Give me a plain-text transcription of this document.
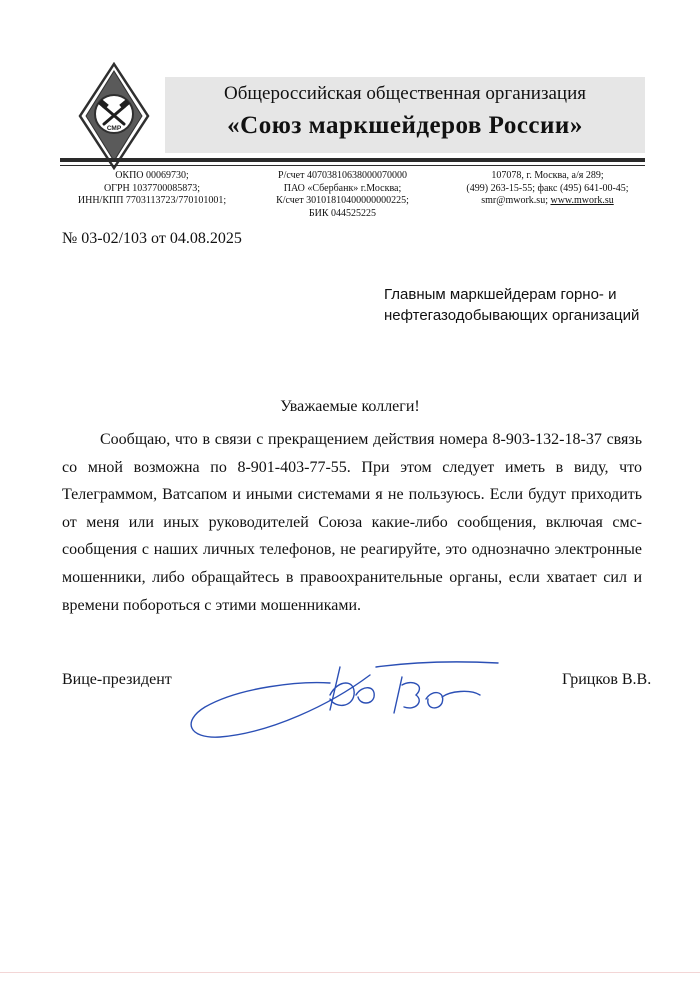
СМР
Общероссийская общественная организация
«Союз маркшейдеров России»
ОКПО 00069730;
ОГРН 1037700085873;
ИНН/КПП 7703113723/770101001;
Р/счет 40703810638000070000
ПАО «Сбербанк» г.Москва;
К/счет 30101810400000000225;
БИК 044525225
107078, г. Москва, а/я 289;
(499) 263-15-55; факс (495) 641-00-45;
smr@mwork.su; www.mwork.su
№ 03-02/103 от 04.08.2025
Главным маркшейдерам горно- и
нефтегазодобывающих организаций
Уважаемые коллеги!

Сообщаю, что в связи с прекращением действия номера 8-903-132-18-37 связь со мной возможна по 8-901-403-77-55. При этом следует иметь в виду, что Телеграммом, Ватсапом и иными системами я не пользуюсь. Если будут приходить от меня или иных руководителей Союза какие-либо сообщения, включая смс-сообщения с наших личных телефонов, не реагируйте, это однозначно электронные мошенники, либо обращайтесь в правоохранительные органы, если хватает сил и времени побороться с этими мошенниками.

Вице-президент	Грицков В.В.
